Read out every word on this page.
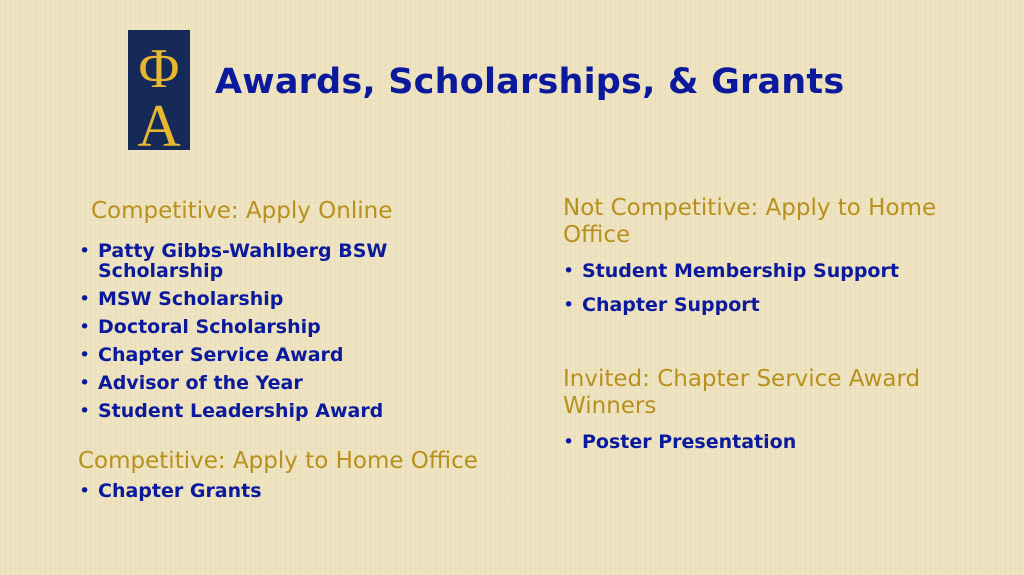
Φ
Α
Awards, Scholarships, & Grants
Competitive: Apply Online
• Patty Gibbs-Wahlberg BSW Scholarship
• MSW Scholarship
• Doctoral Scholarship
• Chapter Service Award
• Advisor of the Year
• Student Leadership Award
Competitive: Apply to Home Office
• Chapter Grants
Not Competitive: Apply to Home Office
• Student Membership Support
• Chapter Support
Invited: Chapter Service Award Winners
• Poster Presentation
